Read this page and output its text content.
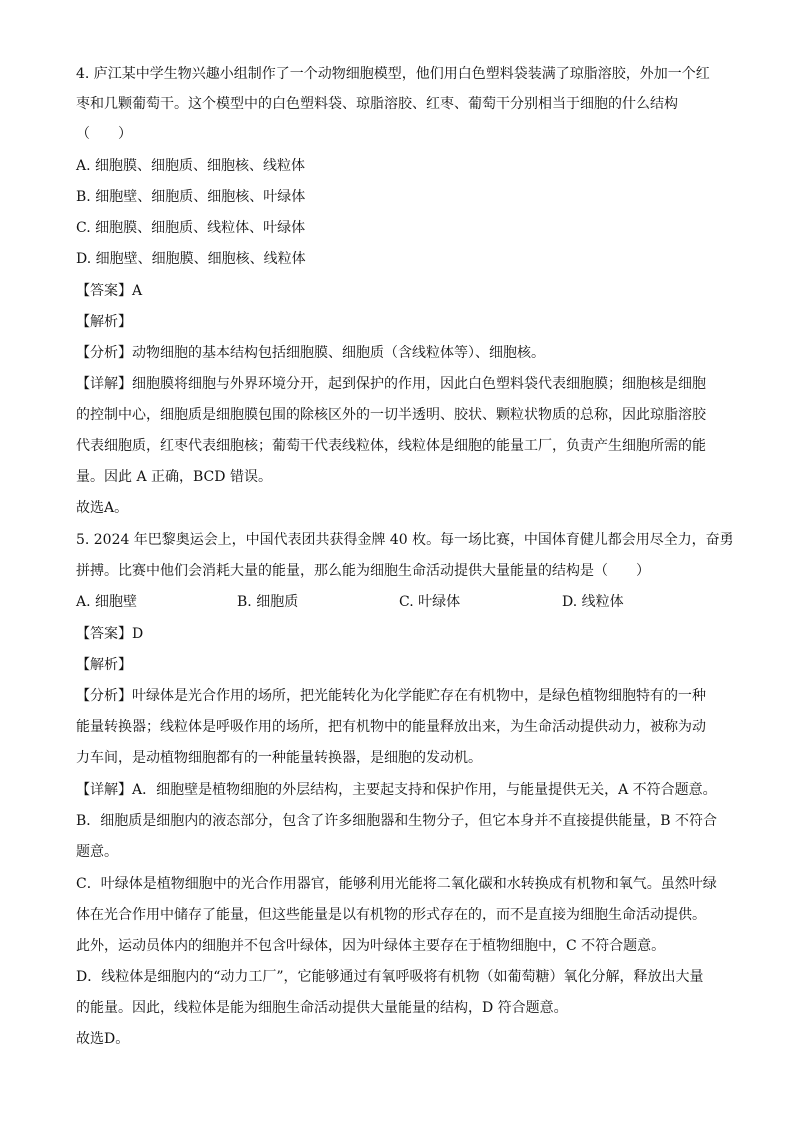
4. 庐江某中学生物兴趣小组制作了一个动物细胞模型，他们用白色塑料袋装满了琼脂溶胶，外加一个红
枣和几颗葡萄干。这个模型中的白色塑料袋、琼脂溶胶、红枣、葡萄干分别相当于细胞的什么结构
（　　）
A. 细胞膜、细胞质、细胞核、线粒体
B. 细胞壁、细胞质、细胞核、叶绿体
C. 细胞膜、细胞质、线粒体、叶绿体
D. 细胞壁、细胞膜、细胞核、线粒体
【答案】A
【解析】
【分析】动物细胞的基本结构包括细胞膜、细胞质（含线粒体等）、细胞核。
【详解】细胞膜将细胞与外界环境分开，起到保护的作用，因此白色塑料袋代表细胞膜；细胞核是细胞
的控制中心，细胞质是细胞膜包围的除核区外的一切半透明、胶状、颗粒状物质的总称，因此琼脂溶胶
代表细胞质，红枣代表细胞核；葡萄干代表线粒体，线粒体是细胞的能量工厂，负责产生细胞所需的能
量。因此 A 正确，BCD 错误。
故选A。
5. 2024 年巴黎奥运会上，中国代表团共获得金牌 40 枚。每一场比赛，中国体育健儿都会用尽全力，奋勇
拼搏。比赛中他们会消耗大量的能量，那么能为细胞生命活动提供大量能量的结构是（　　）
A. 细胞壁	B. 细胞质	C. 叶绿体	D. 线粒体
【答案】D
【解析】
【分析】叶绿体是光合作用的场所，把光能转化为化学能贮存在有机物中，是绿色植物细胞特有的一种
能量转换器；线粒体是呼吸作用的场所，把有机物中的能量释放出来，为生命活动提供动力，被称为动
力车间，是动植物细胞都有的一种能量转换器，是细胞的发动机。
【详解】A．细胞壁是植物细胞的外层结构，主要起支持和保护作用，与能量提供无关，A 不符合题意。
B．细胞质是细胞内的液态部分，包含了许多细胞器和生物分子，但它本身并不直接提供能量，B 不符合
题意。
C．叶绿体是植物细胞中的光合作用器官，能够利用光能将二氧化碳和水转换成有机物和氧气。虽然叶绿
体在光合作用中储存了能量，但这些能量是以有机物的形式存在的，而不是直接为细胞生命活动提供。
此外，运动员体内的细胞并不包含叶绿体，因为叶绿体主要存在于植物细胞中，C 不符合题意。
D．线粒体是细胞内的“动力工厂”，它能够通过有氧呼吸将有机物（如葡萄糖）氧化分解，释放出大量
的能量。因此，线粒体是能为细胞生命活动提供大量能量的结构，D 符合题意。
故选D。
